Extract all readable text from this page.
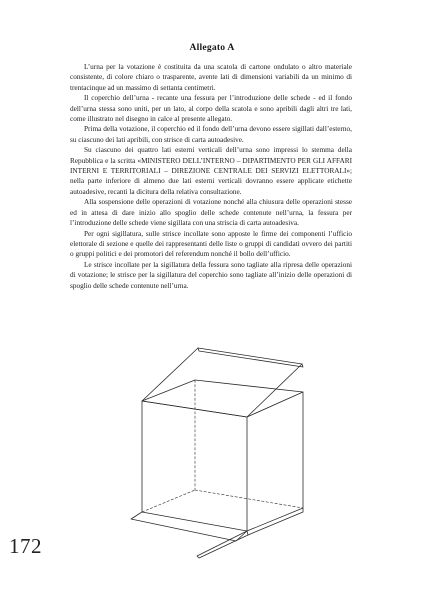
Allegato A

L’urna per la votazione è costituita da una scatola di cartone ondulato o altro materiale consistente, di colore chiaro o trasparente, avente lati di dimensioni variabili da un minimo di trentacinque ad un massimo di settanta centimetri.

Il coperchio dell’urna - recante una fessura per l’introduzione delle schede - ed il fondo dell’urna stessa sono uniti, per un lato, al corpo della scatola e sono apribili dagli altri tre lati, come illustrato nel disegno in calce al presente allegato.

Prima della votazione, il coperchio ed il fondo dell’urna devono essere sigillati dall’esterno, su ciascuno dei lati apribili, con strisce di carta autoadesive.

Su ciascuno dei quattro lati esterni verticali dell’urna sono impressi lo stemma della Repubblica e la scritta «MINISTERO DELL’INTERNO – DIPARTIMENTO PER GLI AFFARI INTERNI E TERRITORIALI – DIREZIONE CENTRALE DEI SERVIZI ELETTORALI»; nella parte inferiore di almeno due lati esterni verticali dovranno essere applicate etichette autoadesive, recanti la dicitura della relativa consultazione.

Alla sospensione delle operazioni di votazione nonché alla chiusura delle operazioni stesse ed in attesa di dare inizio allo spoglio delle schede contenute nell’urna, la fessura per l’introduzione delle schede viene sigillata con una striscia di carta autoadesiva.

Per ogni sigillatura, sulle strisce incollate sono apposte le firme dei componenti l’ufficio elettorale di sezione e quelle dei rappresentanti delle liste o gruppi di candidati ovvero dei partiti o gruppi politici e dei promotori del referendum nonché il bollo dell’ufficio.

Le strisce incollate per la sigillatura della fessura sono tagliate alla ripresa delle operazioni di votazione; le strisce per la sigillatura del coperchio sono tagliate all’inizio delle operazioni di spoglio delle schede contenute nell’urna.

172
